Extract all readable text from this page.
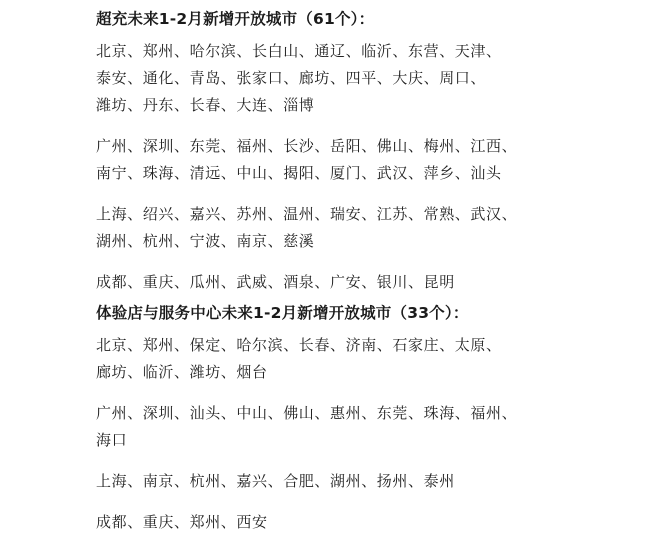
超充未来1-2月新增开放城市（61个）：
北京、郑州、哈尔滨、长白山、通辽、临沂、东营、天津、
泰安、通化、青岛、张家口、廊坊、四平、大庆、周口、
潍坊、丹东、长春、大连、淄博
广州、深圳、东莞、福州、长沙、岳阳、佛山、梅州、江西、
南宁、珠海、清远、中山、揭阳、厦门、武汉、萍乡、汕头
上海、绍兴、嘉兴、苏州、温州、瑞安、江苏、常熟、武汉、
湖州、杭州、宁波、南京、慈溪
成都、重庆、瓜州、武威、酒泉、广安、银川、昆明
体验店与服务中心未来1-2月新增开放城市（33个）：
北京、郑州、保定、哈尔滨、长春、济南、石家庄、太原、
廊坊、临沂、潍坊、烟台
广州、深圳、汕头、中山、佛山、惠州、东莞、珠海、福州、
海口
上海、南京、杭州、嘉兴、合肥、湖州、扬州、泰州
成都、重庆、郑州、西安
